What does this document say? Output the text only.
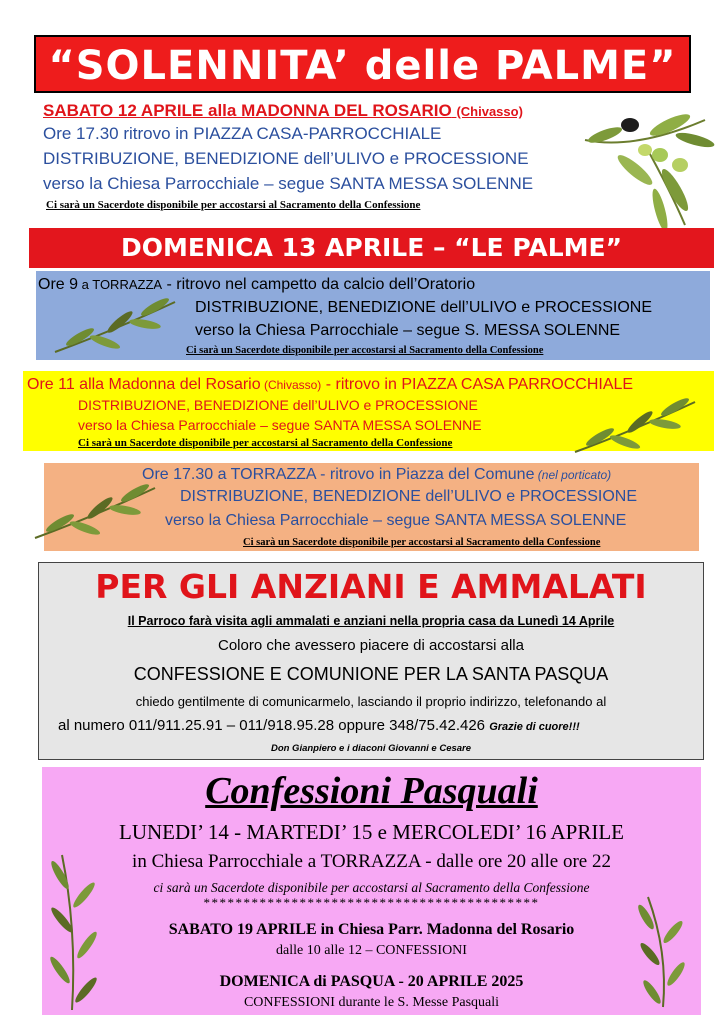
“SOLENNITA’ delle PALME”
SABATO 12 APRILE alla MADONNA DEL ROSARIO (Chivasso)
Ore 17.30 ritrovo in PIAZZA CASA-PARROCCHIALE
DISTRIBUZIONE, BENEDIZIONE dell’ULIVO e PROCESSIONE
verso la Chiesa Parrocchiale – segue SANTA MESSA SOLENNE
Ci sarà un Sacerdote disponibile per accostarsi al Sacramento della Confessione
DOMENICA 13 APRILE – “LE PALME”
Ore 9 a TORRAZZA - ritrovo nel campetto da calcio dell’Oratorio
DISTRIBUZIONE, BENEDIZIONE dell’ULIVO e PROCESSIONE
verso la Chiesa Parrocchiale – segue S. MESSA SOLENNE
Ci sarà un Sacerdote disponibile per accostarsi al Sacramento della Confessione
Ore 11 alla Madonna del Rosario (Chivasso) - ritrovo in PIAZZA CASA PARROCCHIALE
DISTRIBUZIONE, BENEDIZIONE dell’ULIVO e PROCESSIONE
verso la Chiesa Parrocchiale – segue SANTA MESSA SOLENNE
Ci sarà un Sacerdote disponibile per accostarsi al Sacramento della Confessione
Ore 17.30 a TORRAZZA - ritrovo in Piazza del Comune (nel porticato)
DISTRIBUZIONE, BENEDIZIONE dell’ULIVO e PROCESSIONE
verso la Chiesa Parrocchiale – segue SANTA MESSA SOLENNE
Ci sarà un Sacerdote disponibile per accostarsi al Sacramento della Confessione
PER GLI ANZIANI E AMMALATI
Il Parroco farà visita agli ammalati e anziani nella propria casa da Lunedì 14 Aprile
Coloro che avessero piacere di accostarsi alla
CONFESSIONE E COMUNIONE PER LA SANTA PASQUA
chiedo gentilmente di comunicarmelo, lasciando il proprio indirizzo, telefonando al
al numero 011/911.25.91 – 011/918.95.28 oppure 348/75.42.426 Grazie di cuore!!!
Don Gianpiero e i diaconi Giovanni e Cesare
Confessioni Pasquali
LUNEDI’ 14 - MARTEDI’ 15 e MERCOLEDI’ 16 APRILE
in Chiesa Parrocchiale a TORRAZZA - dalle ore 20 alle ore 22
ci sarà un Sacerdote disponibile per accostarsi al Sacramento della Confessione
******************************************
SABATO 19 APRILE in Chiesa Parr. Madonna del Rosario
dalle 10 alle 12 – CONFESSIONI
DOMENICA di PASQUA - 20 APRILE 2025
CONFESSIONI durante le S. Messe Pasquali
